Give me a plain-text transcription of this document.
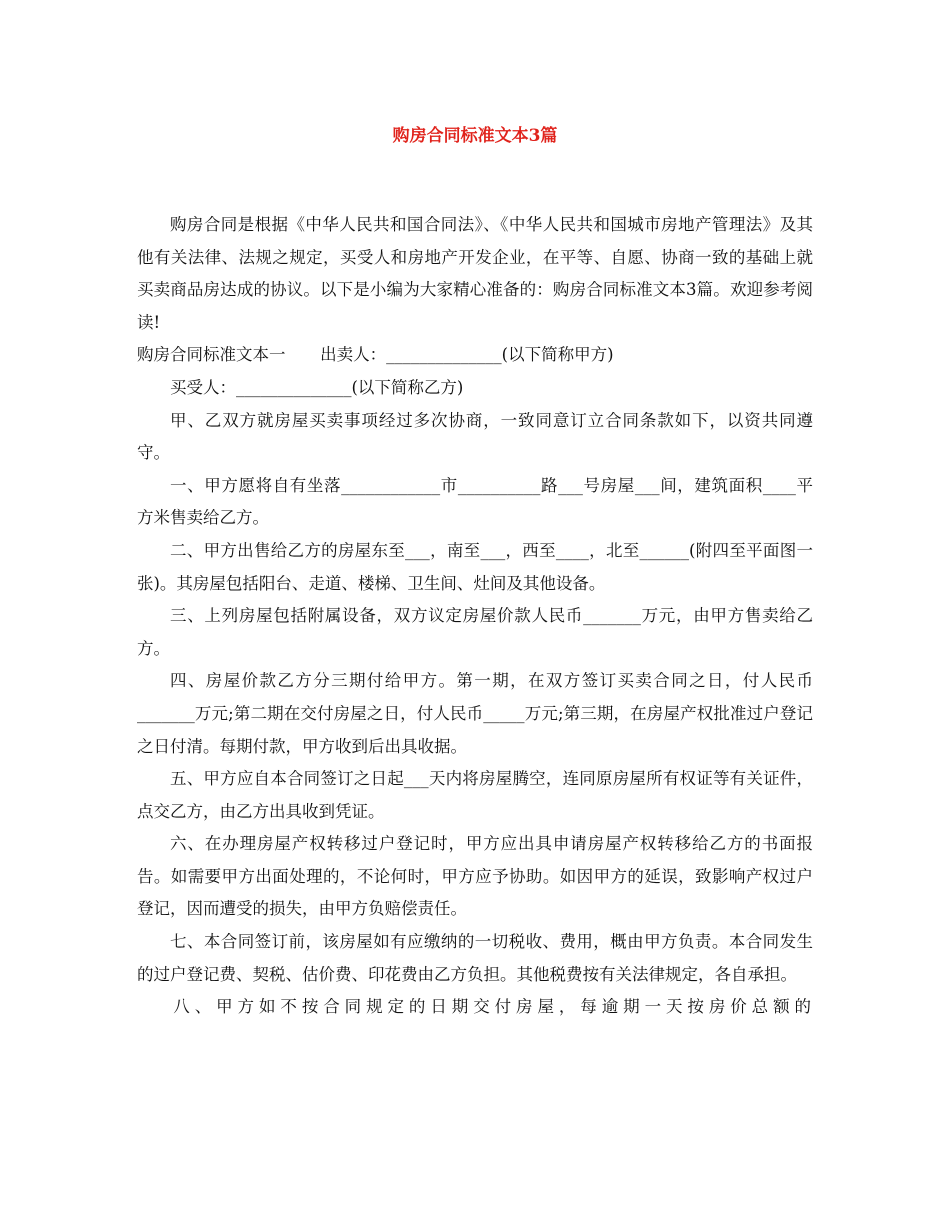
购房合同标准文本3篇

购房合同是根据《中华人民共和国合同法》、《中华人民共和国城市房地产管理法》及其他有关法律、法规之规定，买受人和房地产开发企业，在平等、自愿、协商一致的基础上就买卖商品房达成的协议。以下是小编为大家精心准备的：购房合同标准文本3篇。欢迎参考阅读!

购房合同标准文本一 出卖人：______________(以下简称甲方)

买受人：______________(以下简称乙方)

甲、乙双方就房屋买卖事项经过多次协商，一致同意订立合同条款如下，以资共同遵守。

一、甲方愿将自有坐落____________市__________路___号房屋___间，建筑面积____平方米售卖给乙方。

二、甲方出售给乙方的房屋东至___，南至___，西至____，北至______(附四至平面图一张)。其房屋包括阳台、走道、楼梯、卫生间、灶间及其他设备。

三、上列房屋包括附属设备，双方议定房屋价款人民币_______万元，由甲方售卖给乙方。

四、房屋价款乙方分三期付给甲方。第一期，在双方签订买卖合同之日，付人民币_______万元;第二期在交付房屋之日，付人民币_____万元;第三期，在房屋产权批准过户登记之日付清。每期付款，甲方收到后出具收据。

五、甲方应自本合同签订之日起___天内将房屋腾空，连同原房屋所有权证等有关证件，点交乙方，由乙方出具收到凭证。

六、在办理房屋产权转移过户登记时，甲方应出具申请房屋产权转移给乙方的书面报告。如需要甲方出面处理的，不论何时，甲方应予协助。如因甲方的延误，致影响产权过户登记，因而遭受的损失，由甲方负赔偿责任。

七、本合同签订前，该房屋如有应缴纳的一切税收、费用，概由甲方负责。本合同发生的过户登记费、契税、估价费、印花费由乙方负担。其他税费按有关法律规定，各自承担。

八、甲方如不按合同规定的日期交付房屋，每逾期一天按房价总额的
